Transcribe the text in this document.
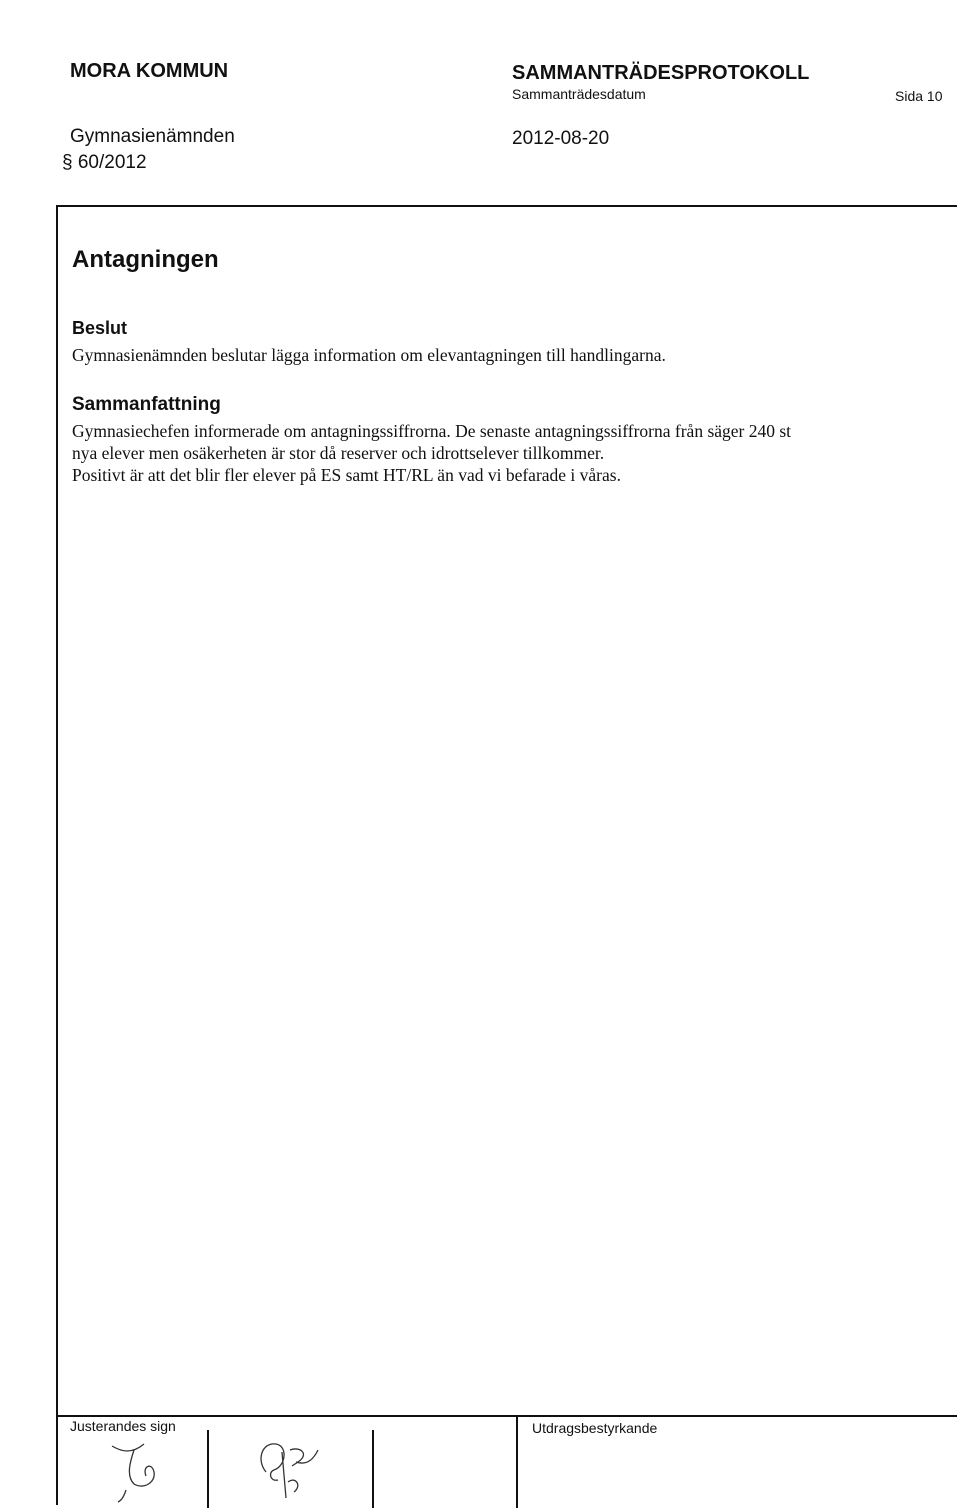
MORA KOMMUN	SAMMANTRÄDESPROTOKOLL
Sammanträdesdatum	Sida 10
Gymnasienämnden	2012-08-20
§ 60/2012
Antagningen
Beslut
Gymnasienämnden beslutar lägga information om elevantagningen till handlingarna.
Sammanfattning
Gymnasiechefen informerade om antagningssiffrorna. De senaste antagningssiffrorna från säger 240 st
nya elever men osäkerheten är stor då reserver och idrottselever tillkommer.
Positivt är att det blir fler elever på ES samt HT/RL än vad vi befarade i våras.
Justerandes sign	Utdragsbestyrkande
